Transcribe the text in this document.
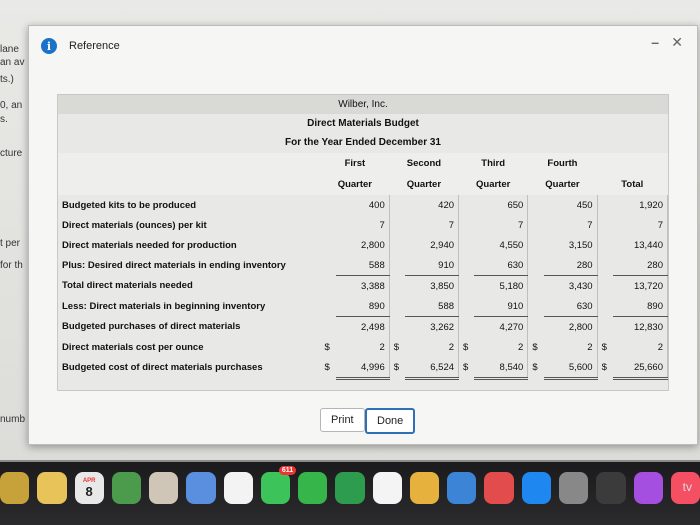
lane
an av
ts.)
0, an
s.
cture
t per
for th
numb
i	Reference	– ✕
Wilber, Inc.
Direct Materials Budget
For the Year Ended December 31
	First		Second		Third		Fourth			
	Quarter		Quarter		Quarter		Quarter		Total	
Budgeted kits to be produced		400		420		650		450		1,920
Direct materials (ounces) per kit		7		7		7		7		7
Direct materials needed for production		2,800		2,940		4,550		3,150		13,440
Plus: Desired direct materials in ending inventory		588		910		630		280		280
Total direct materials needed		3,388		3,850		5,180		3,430		13,720
Less: Direct materials in beginning inventory		890		588		910		630		890
Budgeted purchases of direct materials		2,498		3,262		4,270		2,800		12,830
Direct materials cost per ounce	$	2	$	2	$	2	$	2	$	2
Budgeted cost of direct materials purchases	$	4,996	$	6,524	$	8,540	$	5,600	$	25,660
Print	Done
APR
8
611
tv
